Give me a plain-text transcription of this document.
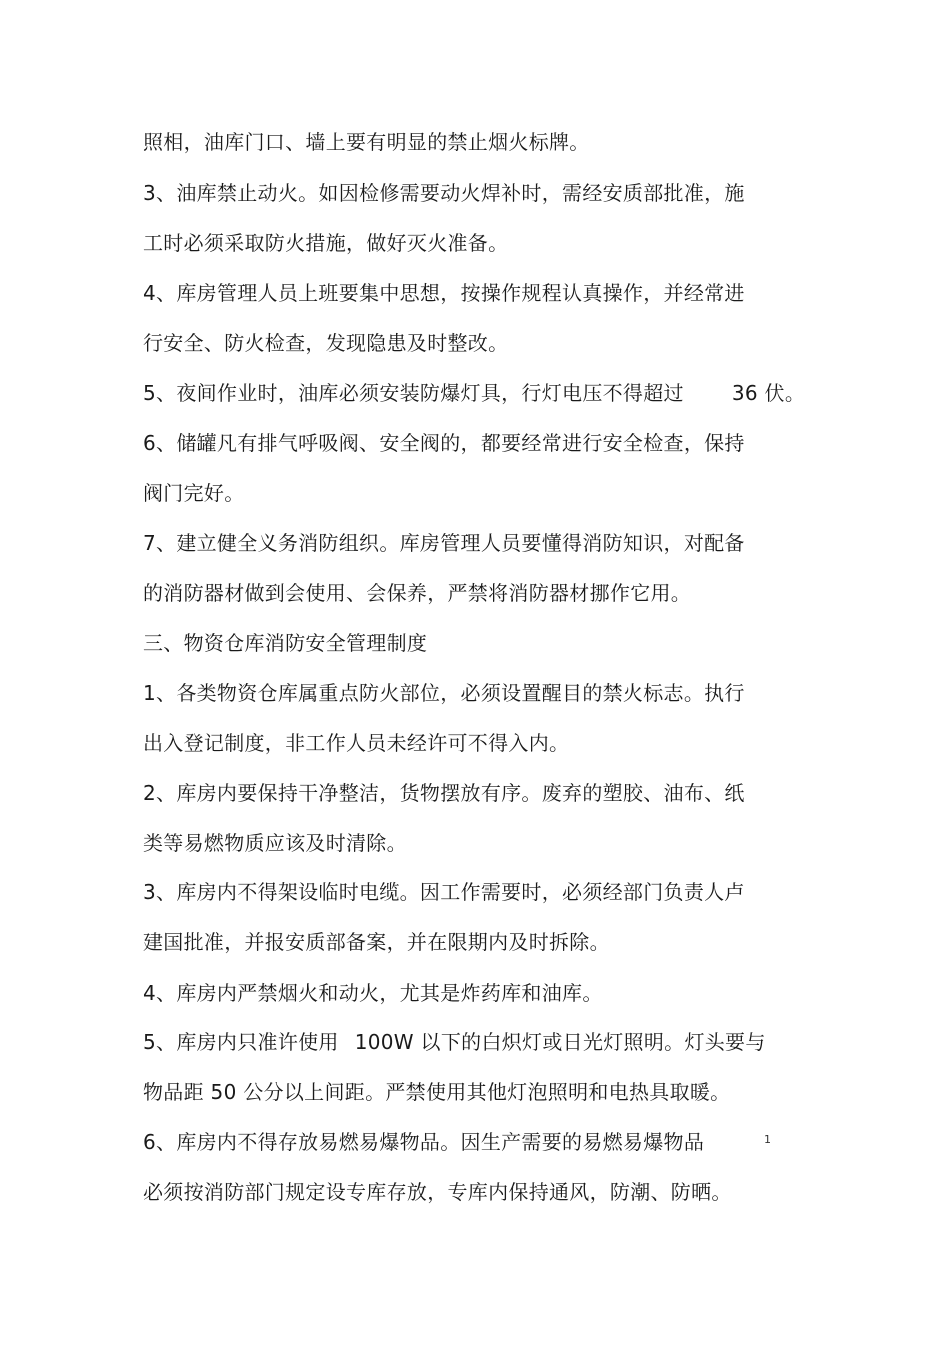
照相，油库门口、墙上要有明显的禁止烟火标牌。
3、油库禁止动火。如因检修需要动火焊补时，需经安质部批准，施
工时必须采取防火措施，做好灭火准备。
4、库房管理人员上班要集中思想，按操作规程认真操作，并经常进
行安全、防火检查，发现隐患及时整改。
5、夜间作业时，油库必须安装防爆灯具，行灯电压不得超过 36 伏。
6、储罐凡有排气呼吸阀、安全阀的，都要经常进行安全检查，保持
阀门完好。
7、建立健全义务消防组织。库房管理人员要懂得消防知识，对配备
的消防器材做到会使用、会保养，严禁将消防器材挪作它用。
三、物资仓库消防安全管理制度
1、各类物资仓库属重点防火部位，必须设置醒目的禁火标志。执行
出入登记制度，非工作人员未经许可不得入内。
2、库房内要保持干净整洁，货物摆放有序。废弃的塑胶、油布、纸
类等易燃物质应该及时清除。
3、库房内不得架设临时电缆。因工作需要时，必须经部门负责人卢
建国批准，并报安质部备案，并在限期内及时拆除。
4、库房内严禁烟火和动火，尤其是炸药库和油库。
5、库房内只准许使用 100W 以下的白炽灯或日光灯照明。灯头要与
物品距 50 公分以上间距。严禁使用其他灯泡照明和电热具取暖。
6、库房内不得存放易燃易爆物品。因生产需要的易燃易爆物品
必须按消防部门规定设专库存放，专库内保持通风，防潮、防晒。
1
